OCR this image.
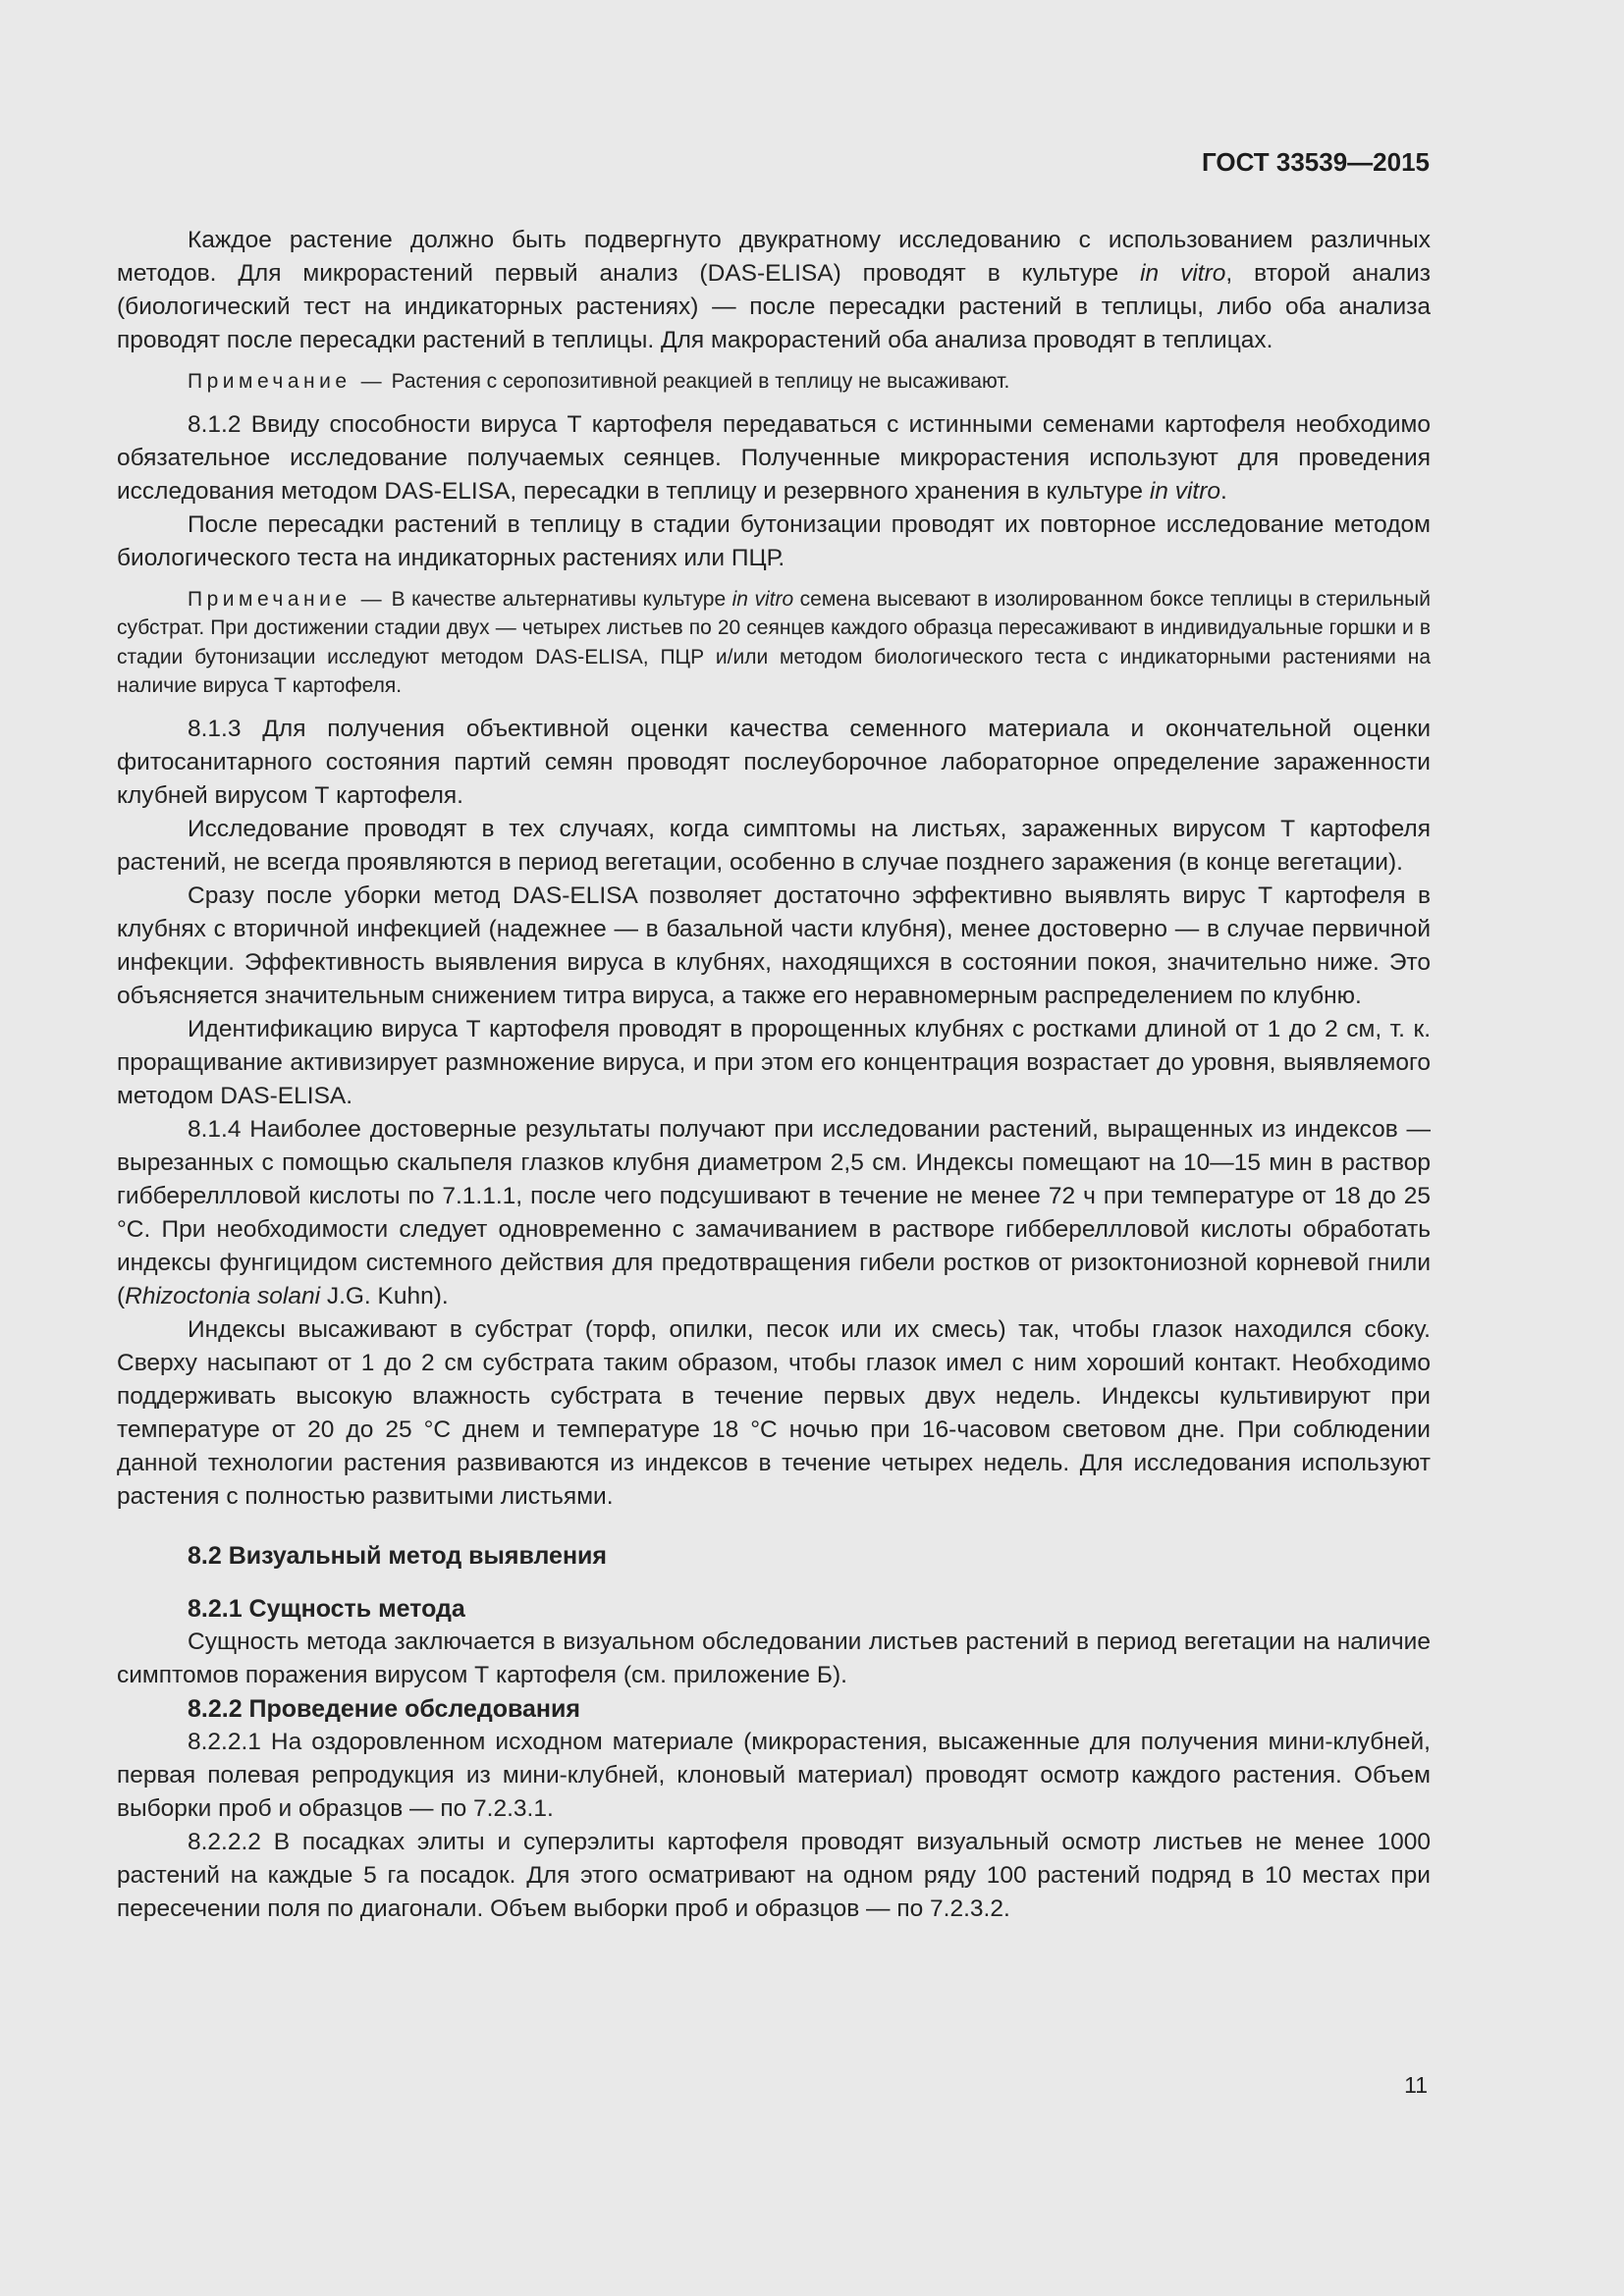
ГОСТ 33539—2015

Каждое растение должно быть подвергнуто двукратному исследованию с использованием различных методов. Для микрорастений первый анализ (DAS-ELISA) проводят в культуре in vitro, второй анализ (биологический тест на индикаторных растениях) — после пересадки растений в теплицы, либо оба анализа проводят после пересадки растений в теплицы. Для макрорастений оба анализа проводят в теплицах.

Примечание — Растения с серопозитивной реакцией в теплицу не высаживают.

8.1.2 Ввиду способности вируса Т картофеля передаваться с истинными семенами картофеля необходимо обязательное исследование получаемых сеянцев. Полученные микрорастения используют для проведения исследования методом DAS-ELISA, пересадки в теплицу и резервного хранения в культуре in vitro.

После пересадки растений в теплицу в стадии бутонизации проводят их повторное исследование методом биологического теста на индикаторных растениях или ПЦР.

Примечание — В качестве альтернативы культуре in vitro семена высевают в изолированном боксе теплицы в стерильный субстрат. При достижении стадии двух — четырех листьев по 20 сеянцев каждого образца пересаживают в индивидуальные горшки и в стадии бутонизации исследуют методом DAS-ELISA, ПЦР и/или методом биологического теста с индикаторными растениями на наличие вируса Т картофеля.

8.1.3 Для получения объективной оценки качества семенного материала и окончательной оценки фитосанитарного состояния партий семян проводят послеуборочное лабораторное определение зараженности клубней вирусом Т картофеля.

Исследование проводят в тех случаях, когда симптомы на листьях, зараженных вирусом Т картофеля растений, не всегда проявляются в период вегетации, особенно в случае позднего заражения (в конце вегетации).

Сразу после уборки метод DAS-ELISA позволяет достаточно эффективно выявлять вирус Т картофеля в клубнях с вторичной инфекцией (надежнее — в базальной части клубня), менее достоверно — в случае первичной инфекции. Эффективность выявления вируса в клубнях, находящихся в состоянии покоя, значительно ниже. Это объясняется значительным снижением титра вируса, а также его неравномерным распределением по клубню.

Идентификацию вируса Т картофеля проводят в пророщенных клубнях с ростками длиной от 1 до 2 см, т. к. проращивание активизирует размножение вируса, и при этом его концентрация возрастает до уровня, выявляемого методом DAS-ELISA.

8.1.4 Наиболее достоверные результаты получают при исследовании растений, выращенных из индексов — вырезанных с помощью скальпеля глазков клубня диаметром 2,5 см. Индексы помещают на 10—15 мин в раствор гиббереллловой кислоты по 7.1.1.1, после чего подсушивают в течение не менее 72 ч при температуре от 18 до 25 °С. При необходимости следует одновременно с замачиванием в растворе гиббереллловой кислоты обработать индексы фунгицидом системного действия для предотвращения гибели ростков от ризоктониозной корневой гнили (Rhizoctonia solani J.G. Kuhn).

Индексы высаживают в субстрат (торф, опилки, песок или их смесь) так, чтобы глазок находился сбоку. Сверху насыпают от 1 до 2 см субстрата таким образом, чтобы глазок имел с ним хороший контакт. Необходимо поддерживать высокую влажность субстрата в течение первых двух недель. Индексы культивируют при температуре от 20 до 25 °С днем и температуре 18 °С ночью при 16-часовом световом дне. При соблюдении данной технологии растения развиваются из индексов в течение четырех недель. Для исследования используют растения с полностью развитыми листьями.

8.2 Визуальный метод выявления
8.2.1 Сущность метода

Сущность метода заключается в визуальном обследовании листьев растений в период вегетации на наличие симптомов поражения вирусом Т картофеля (см. приложение Б).

8.2.2 Проведение обследования

8.2.2.1 На оздоровленном исходном материале (микрорастения, высаженные для получения мини-клубней, первая полевая репродукция из мини-клубней, клоновый материал) проводят осмотр каждого растения. Объем выборки проб и образцов — по 7.2.3.1.

8.2.2.2 В посадках элиты и суперэлиты картофеля проводят визуальный осмотр листьев не менее 1000 растений на каждые 5 га посадок. Для этого осматривают на одном ряду 100 растений подряд в 10 местах при пересечении поля по диагонали. Объем выборки проб и образцов — по 7.2.3.2.

11
